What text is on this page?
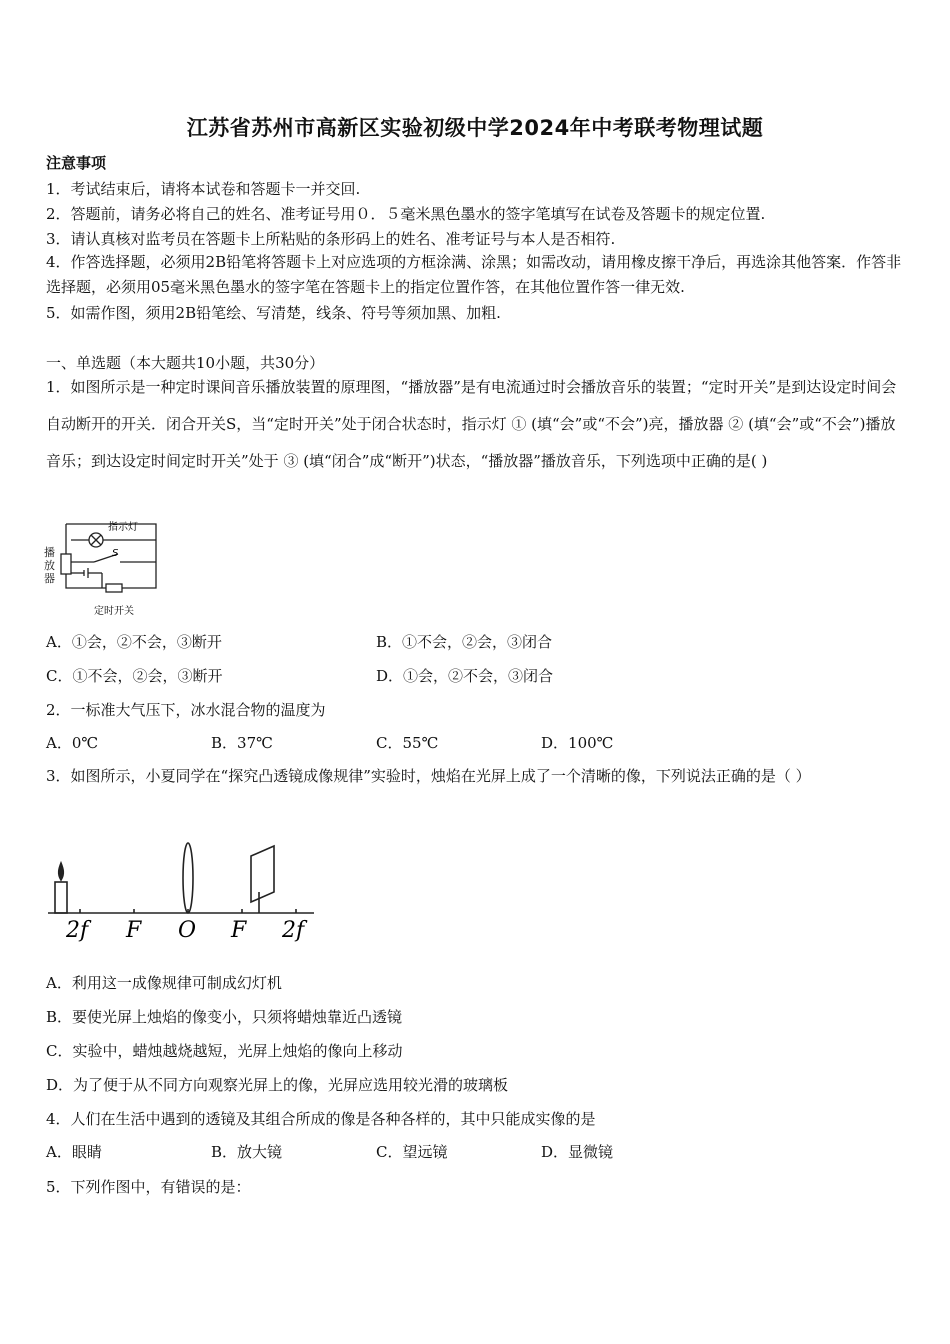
江苏省苏州市高新区实验初级中学2024年中考联考物理试题
注意事项
1．考试结束后，请将本试卷和答题卡一并交回.
2．答题前，请务必将自己的姓名、准考证号用０．５毫米黑色墨水的签字笔填写在试卷及答题卡的规定位置.
3．请认真核对监考员在答题卡上所粘贴的条形码上的姓名、准考证号与本人是否相符.
4．作答选择题，必须用2B铅笔将答题卡上对应选项的方框涂满、涂黑；如需改动，请用橡皮擦干净后，再选涂其他答案．作答非选择题，必须用05毫米黑色墨水的签字笔在答题卡上的指定位置作答，在其他位置作答一律无效.
5．如需作图，须用2B铅笔绘、写清楚，线条、符号等须加黑、加粗.
一、单选题（本大题共10小题，共30分）
1．如图所示是一种定时课间音乐播放装置的原理图，“播放器”是有电流通过时会播放音乐的装置；“定时开关”是到达设定时间会自动断开的开关．闭合开关S，当“定时开关”处于闭合状态时，指示灯 ① (填“会”或“不会”)亮，播放器 ② (填“会”或“不会”)播放音乐；到达设定时间定时开关”处于 ③ (填“闭合”成“断开”)状态，“播放器”播放音乐，下列选项中正确的是( )
指示灯
S
定时开关
播放器
A．①会，②不会，③断开	B．①不会，②会，③闭合
C．①不会，②会，③断开	D．①会，②不会，③闭合
2．一标准大气压下，冰水混合物的温度为
A．0℃	B．37℃	C．55℃	D．100℃
3．如图所示，小夏同学在“探究凸透镜成像规律”实验时，烛焰在光屏上成了一个清晰的像，下列说法正确的是（ ）
2f F O F 2f
A．利用这一成像规律可制成幻灯机
B．要使光屏上烛焰的像变小，只须将蜡烛靠近凸透镜
C．实验中，蜡烛越烧越短，光屏上烛焰的像向上移动
D．为了便于从不同方向观察光屏上的像，光屏应选用较光滑的玻璃板
4．人们在生活中遇到的透镜及其组合所成的像是各种各样的，其中只能成实像的是
A．眼睛	B．放大镜	C．望远镜	D．显微镜
5．下列作图中，有错误的是：
